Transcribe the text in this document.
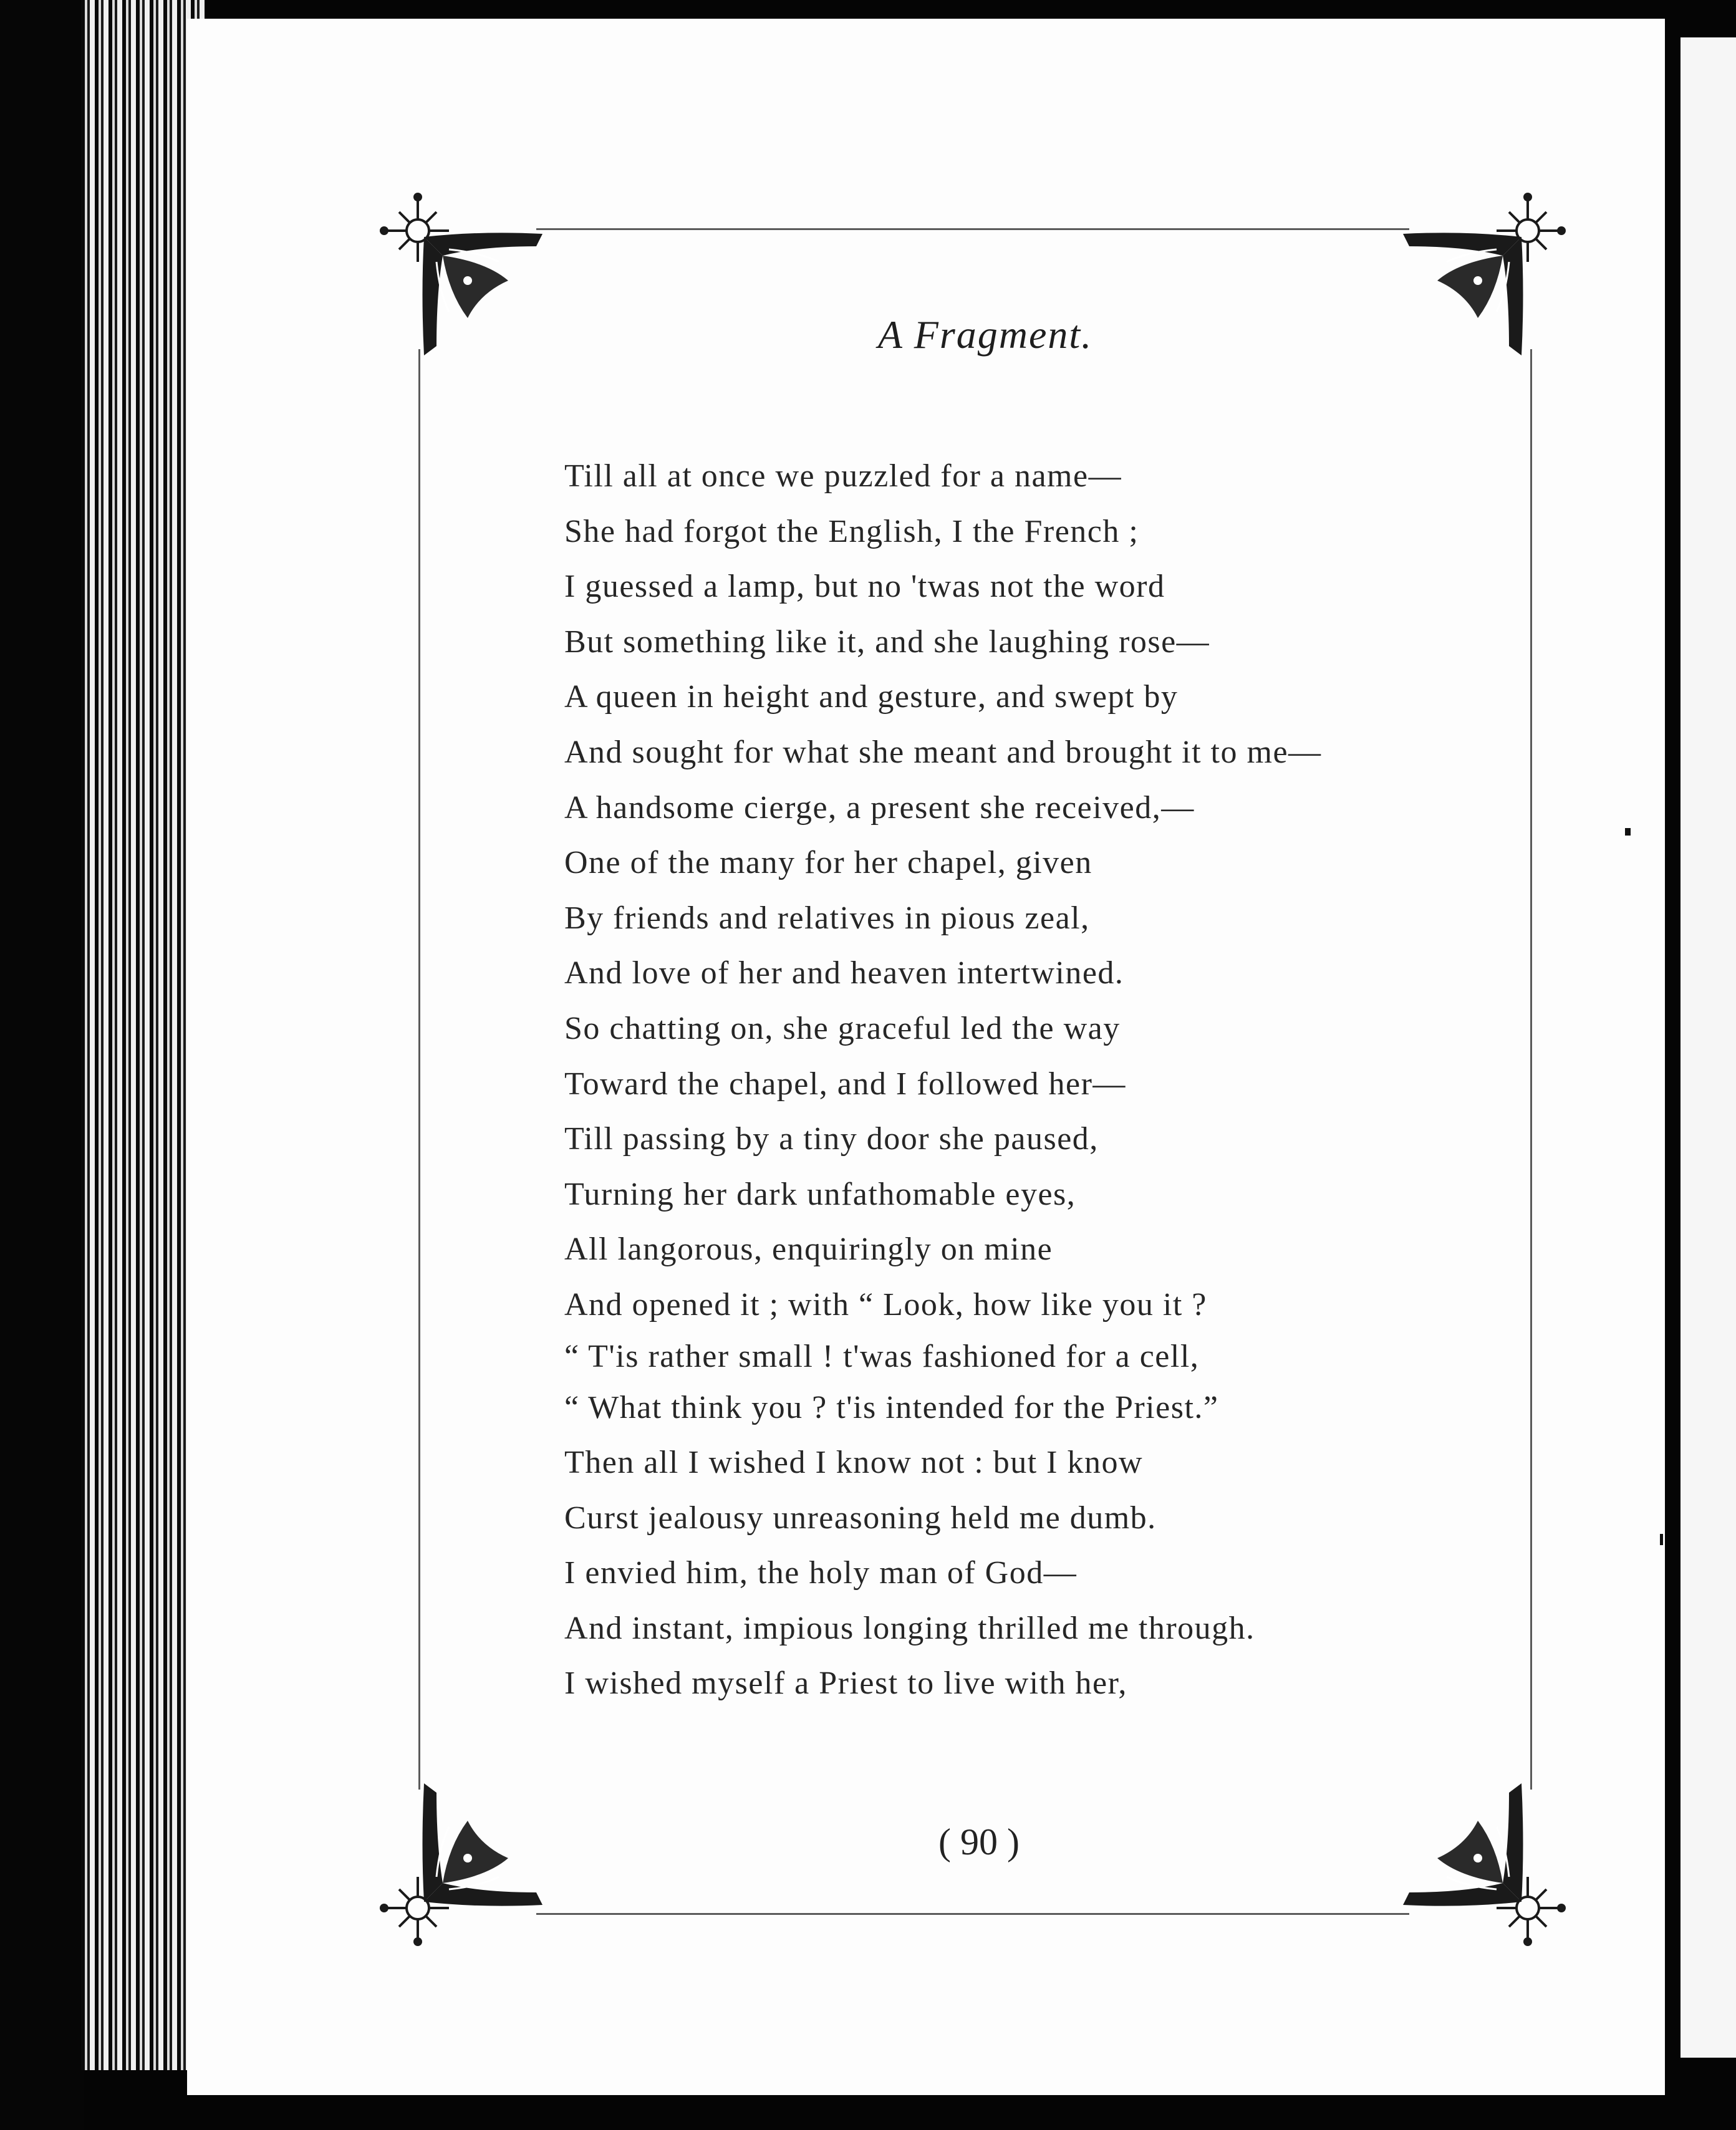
A Fragment.
Till all at once we puzzled for a name—
She had forgot the English, I the French ;
I guessed a lamp, but no 'twas not the word
But something like it, and she laughing rose—
A queen in height and gesture, and swept by
And sought for what she meant and brought it to me—
A handsome cierge, a present she received,—
One of the many for her chapel, given
By friends and relatives in pious zeal,
And love of her and heaven intertwined.
So chatting on, she graceful led the way
Toward the chapel, and I followed her—
Till passing by a tiny door she paused,
Turning her dark unfathomable eyes,
All langorous, enquiringly on mine
And opened it ; with “ Look, how like you it ?
“ T'is rather small ! t'was fashioned for a cell,
“ What think you ? t'is intended for the Priest.”
Then all I wished I know not : but I know
Curst jealousy unreasoning held me dumb.
I envied him, the holy man of God—
And instant, impious longing thrilled me through.
I wished myself a Priest to live with her,
( 90 )
